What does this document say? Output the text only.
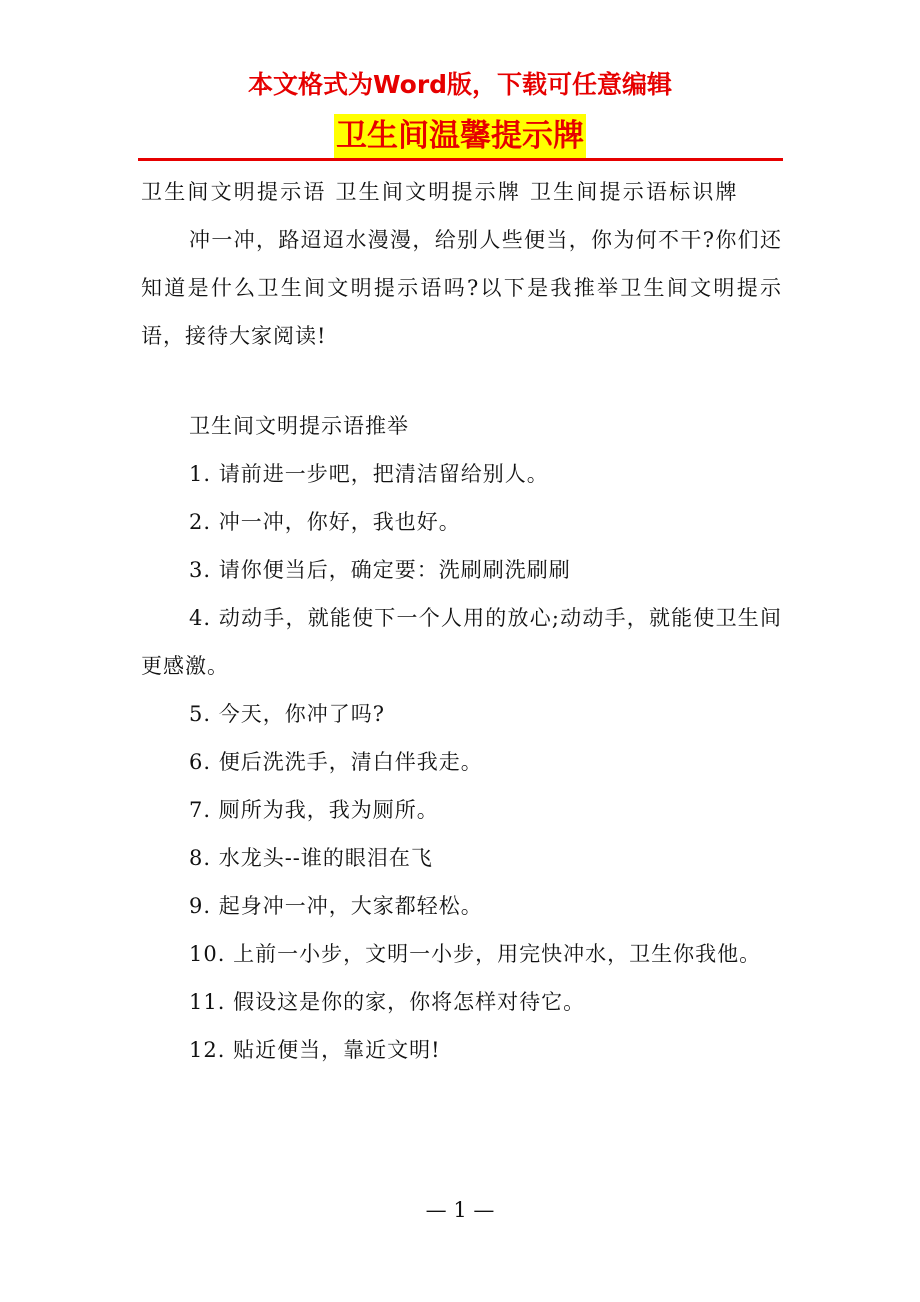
本文格式为Word版，下载可任意编辑
卫生间温馨提示牌

卫生间文明提示语 卫生间文明提示牌 卫生间提示语标识牌

冲一冲，路迢迢水漫漫，给别人些便当，你为何不干?你们还知道是什么卫生间文明提示语吗?以下是我推举卫生间文明提示语，接待大家阅读!

卫生间文明提示语推举

1. 请前进一步吧，把清洁留给别人。

2. 冲一冲，你好，我也好。

3. 请你便当后，确定要：洗刷刷洗刷刷

4. 动动手，就能使下一个人用的放心;动动手，就能使卫生间更感激。

5. 今天，你冲了吗?

6. 便后洗洗手，清白伴我走。

7. 厕所为我，我为厕所。

8. 水龙头--谁的眼泪在飞

9. 起身冲一冲，大家都轻松。

10. 上前一小步，文明一小步，用完快冲水，卫生你我他。

11. 假设这是你的家，你将怎样对待它。

12. 贴近便当，靠近文明!

— 1 —
